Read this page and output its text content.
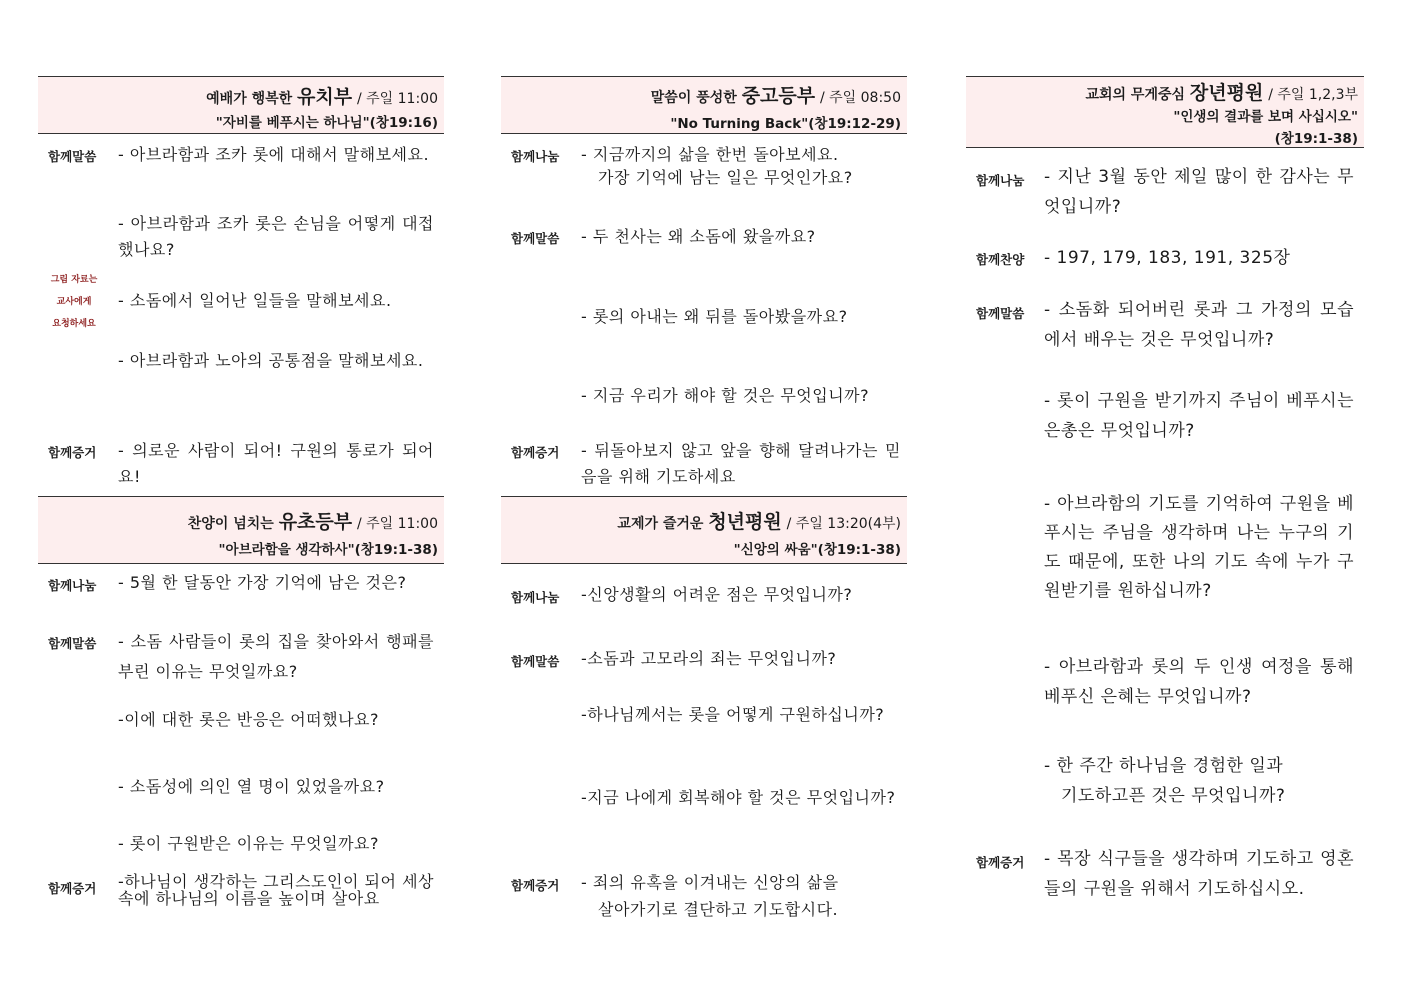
예배가 행복한 유치부 / 주일 11:00
"자비를 베푸시는 하나님"(창19:16)
함께말씀
그림 자료는
교사에게
요청하세요
- 아브라함과 조카 롯에 대해서 말해보세요.
- 아브라함과 조카 롯은 손님을 어떻게 대접했나요?
- 소돔에서 일어난 일들을 말해보세요.
- 아브라함과 노아의 공통점을 말해보세요.
함께증거 - 의로운 사람이 되어! 구원의 통로가 되어요!
찬양이 넘치는 유초등부 / 주일 11:00
"아브라함을 생각하사"(창19:1-38)
함께나눔 - 5월 한 달동안 가장 기억에 남은 것은?
함께말씀 - 소돔 사람들이 롯의 집을 찾아와서 행패를 부린 이유는 무엇일까요?
-이에 대한 롯은 반응은 어떠했나요?
- 소돔성에 의인 열 명이 있었을까요?
- 롯이 구원받은 이유는 무엇일까요?
함께증거 -하나님이 생각하는 그리스도인이 되어 세상속에 하나님의 이름을 높이며 살아요
말씀이 풍성한 중고등부 / 주일 08:50
"No Turning Back"(창19:12-29)
함께나눔 - 지금까지의 삶을 한번 돌아보세요.
가장 기억에 남는 일은 무엇인가요?
함께말씀 - 두 천사는 왜 소돔에 왔을까요?
- 롯의 아내는 왜 뒤를 돌아봤을까요?
- 지금 우리가 해야 할 것은 무엇입니까?
함께증거 - 뒤돌아보지 않고 앞을 향해 달려나가는 믿음을 위해 기도하세요
교제가 즐거운 청년평원 / 주일 13:20(4부)
"신앙의 싸움"(창19:1-38)
함께나눔 -신앙생활의 어려운 점은 무엇입니까?
함께말씀 -소돔과 고모라의 죄는 무엇입니까?
-하나님께서는 롯을 어떻게 구원하십니까?
-지금 나에게 회복해야 할 것은 무엇입니까?
함께증거 - 죄의 유혹을 이겨내는 신앙의 삶을
살아가기로 결단하고 기도합시다.
교회의 무게중심 장년평원 / 주일 1,2,3부
"인생의 결과를 보며 사십시오"
(창19:1-38)
함께나눔 - 지난 3월 동안 제일 많이 한 감사는 무엇입니까?
함께찬양 - 197, 179, 183, 191, 325장
함께말씀 - 소돔화 되어버린 롯과 그 가정의 모습에서 배우는 것은 무엇입니까?
- 롯이 구원을 받기까지 주님이 베푸시는 은총은 무엇입니까?
- 아브라함의 기도를 기억하여 구원을 베푸시는 주님을 생각하며 나는 누구의 기도 때문에, 또한 나의 기도 속에 누가 구원받기를 원하십니까?
- 아브라함과 롯의 두 인생 여정을 통해 베푸신 은혜는 무엇입니까?
- 한 주간 하나님을 경험한 일과
기도하고픈 것은 무엇입니까?
함께증거 - 목장 식구들을 생각하며 기도하고 영혼들의 구원을 위해서 기도하십시오.
